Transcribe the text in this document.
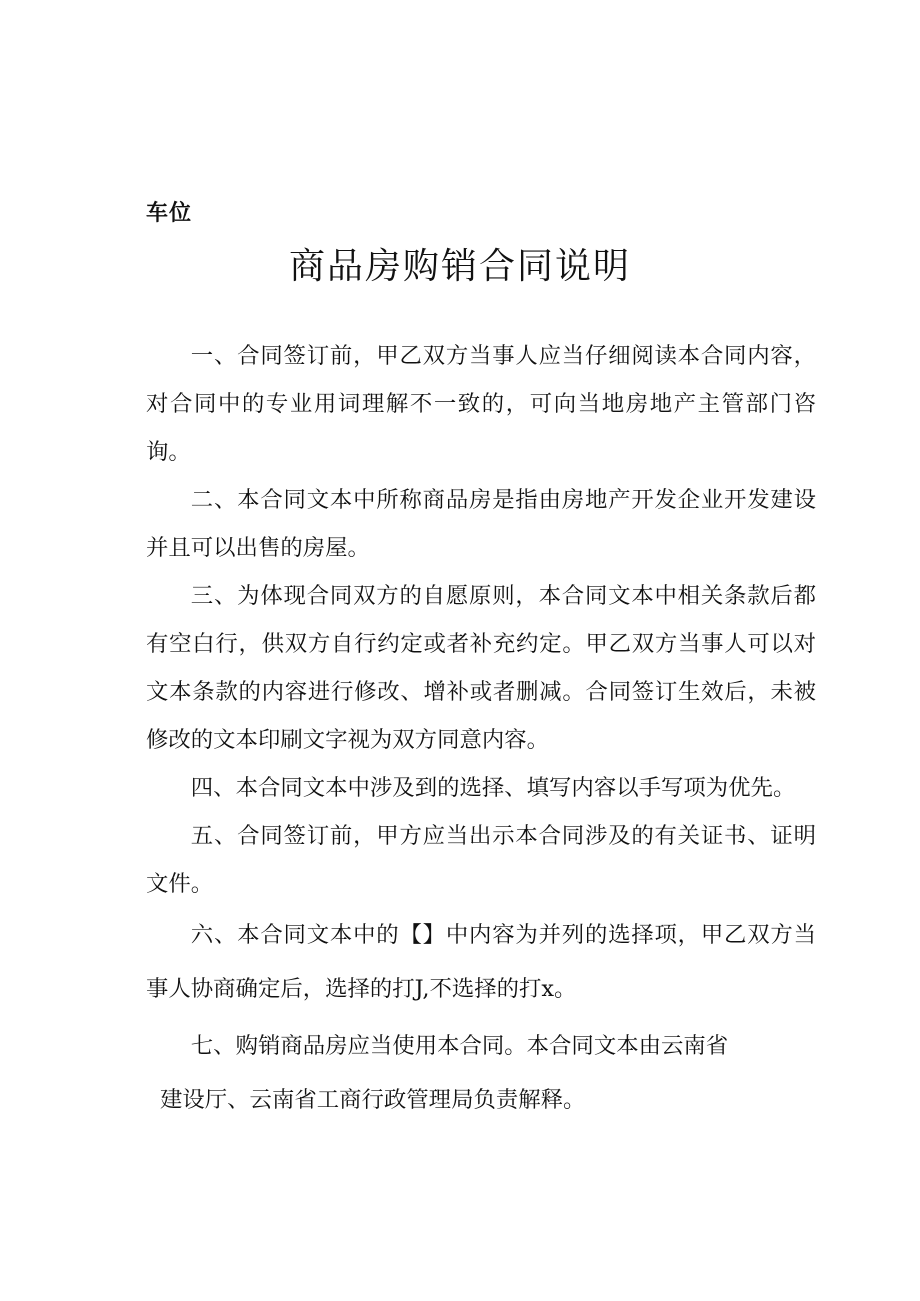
车位
商品房购销合同说明

一、合同签订前，甲乙双方当事人应当仔细阅读本合同内容，对合同中的专业用词理解不一致的，可向当地房地产主管部门咨询。

二、本合同文本中所称商品房是指由房地产开发企业开发建设并且可以出售的房屋。

三、为体现合同双方的自愿原则，本合同文本中相关条款后都有空白行，供双方自行约定或者补充约定。甲乙双方当事人可以对文本条款的内容进行修改、增补或者删减。合同签订生效后，未被修改的文本印刷文字视为双方同意内容。

四、本合同文本中涉及到的选择、填写内容以手写项为优先。

五、合同签订前，甲方应当出示本合同涉及的有关证书、证明文件。

六、本合同文本中的【】中内容为并列的选择项，甲乙双方当事人协商确定后，选择的打J,不选择的打x。

七、购销商品房应当使用本合同。本合同文本由云南省
建设厅、云南省工商行政管理局负责解释。
